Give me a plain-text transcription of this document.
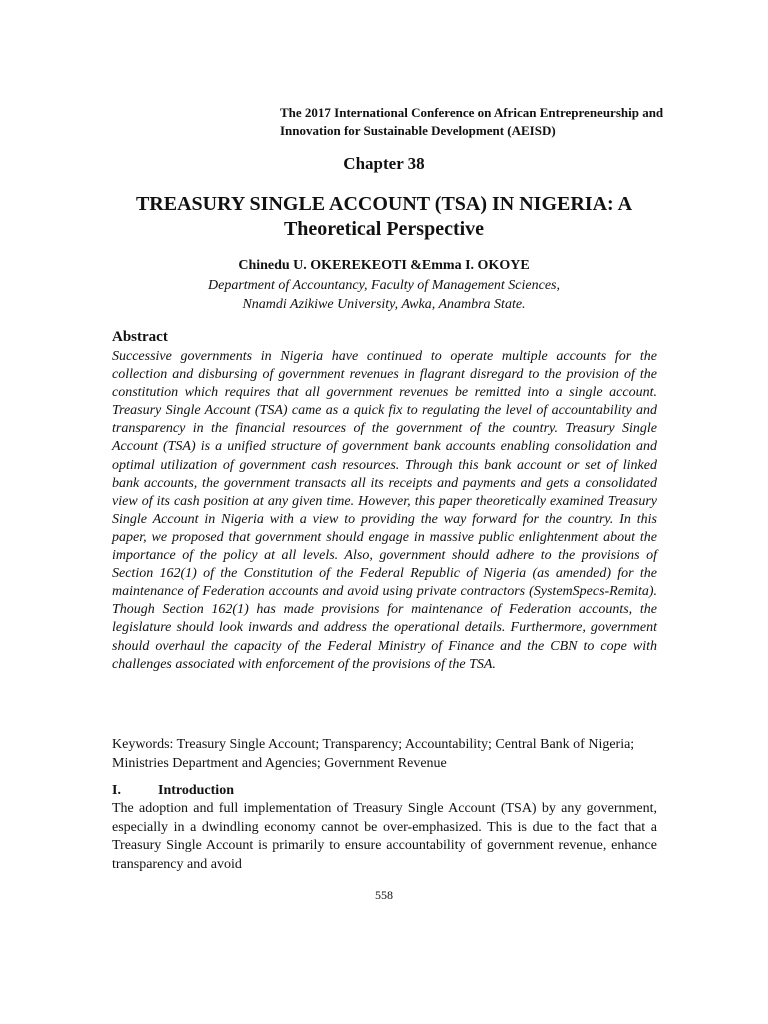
The 2017 International Conference on African Entrepreneurship and Innovation for Sustainable Development (AEISD)
Chapter 38
TREASURY SINGLE ACCOUNT (TSA) IN NIGERIA: A Theoretical Perspective
Chinedu U. OKEREKEOTI &Emma I. OKOYE
Department of Accountancy, Faculty of Management Sciences,
Nnamdi Azikiwe University, Awka, Anambra State.
Abstract
Successive governments in Nigeria have continued to operate multiple accounts for the collection and disbursing of government revenues in flagrant disregard to the provision of the constitution which requires that all government revenues be remitted into a single account. Treasury Single Account (TSA) came as a quick fix to regulating the level of accountability and transparency in the financial resources of the government of the country. Treasury Single Account (TSA) is a unified structure of government bank accounts enabling consolidation and optimal utilization of government cash resources. Through this bank account or set of linked bank accounts, the government transacts all its receipts and payments and gets a consolidated view of its cash position at any given time. However, this paper theoretically examined Treasury Single Account in Nigeria with a view to providing the way forward for the country. In this paper, we proposed that government should engage in massive public enlightenment about the importance of the policy at all levels. Also, government should adhere to the provisions of Section 162(1) of the Constitution of the Federal Republic of Nigeria (as amended) for the maintenance of Federation accounts and avoid using private contractors (SystemSpecs-Remita). Though Section 162(1) has made provisions for maintenance of Federation accounts, the legislature should look inwards and address the operational details. Furthermore, government should overhaul the capacity of the Federal Ministry of Finance and the CBN to cope with challenges associated with enforcement of the provisions of the TSA.
Keywords: Treasury Single Account; Transparency; Accountability; Central Bank of Nigeria; Ministries Department and Agencies; Government Revenue
I.	Introduction
The adoption and full implementation of Treasury Single Account (TSA) by any government, especially in a dwindling economy cannot be over-emphasized. This is due to the fact that a Treasury Single Account is primarily to ensure accountability of government revenue, enhance transparency and avoid
558
